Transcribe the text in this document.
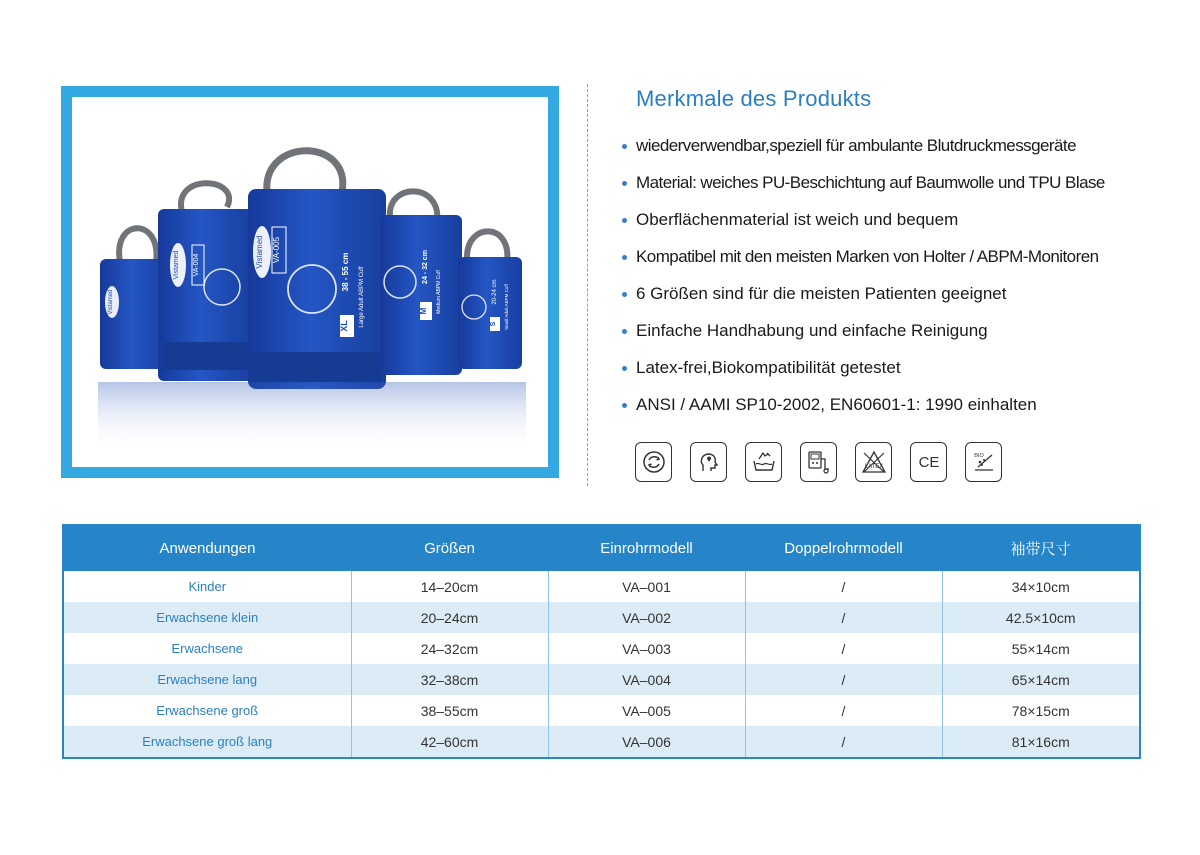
Vistamed
Vistamed VA-004	Vistamed VA-005
XL
38 - 55 cm Large Adult ABPM Cuff	M
24 - 32 cm
Medium ABPM Cuff
S
20-24 cm Small Adult ABPM Cuff
Merkmale des Produkts
wiederverwendbar,speziell für ambulante Blutdruckmessgeräte
Material: weiches PU-Beschichtung auf Baumwolle und TPU Blase
Oberflächenmaterial ist weich und bequem
Kompatibel mit den meisten Marken von Holter / ABPM-Monitoren
6 Größen sind für die meisten Patienten geeignet
Einfache Handhabung und einfache Reinigung
Latex-frei,Biokompatibilität getestet
ANSI / AAMI SP10-2002, EN60601-1: 1990 einhalten
LATEX CE	BIO
Anwendungen	Größen	Einrohrmodell	Doppelrohrmodell	袖带尺寸
Kinder	14–20cm	VA–001	/	34×10cm
Erwachsene klein	20–24cm	VA–002	/	42.5×10cm
Erwachsene	24–32cm	VA–003	/	55×14cm
Erwachsene lang	32–38cm	VA–004	/	65×14cm
Erwachsene groß	38–55cm	VA–005	/	78×15cm
Erwachsene groß lang	42–60cm	VA–006	/	81×16cm
